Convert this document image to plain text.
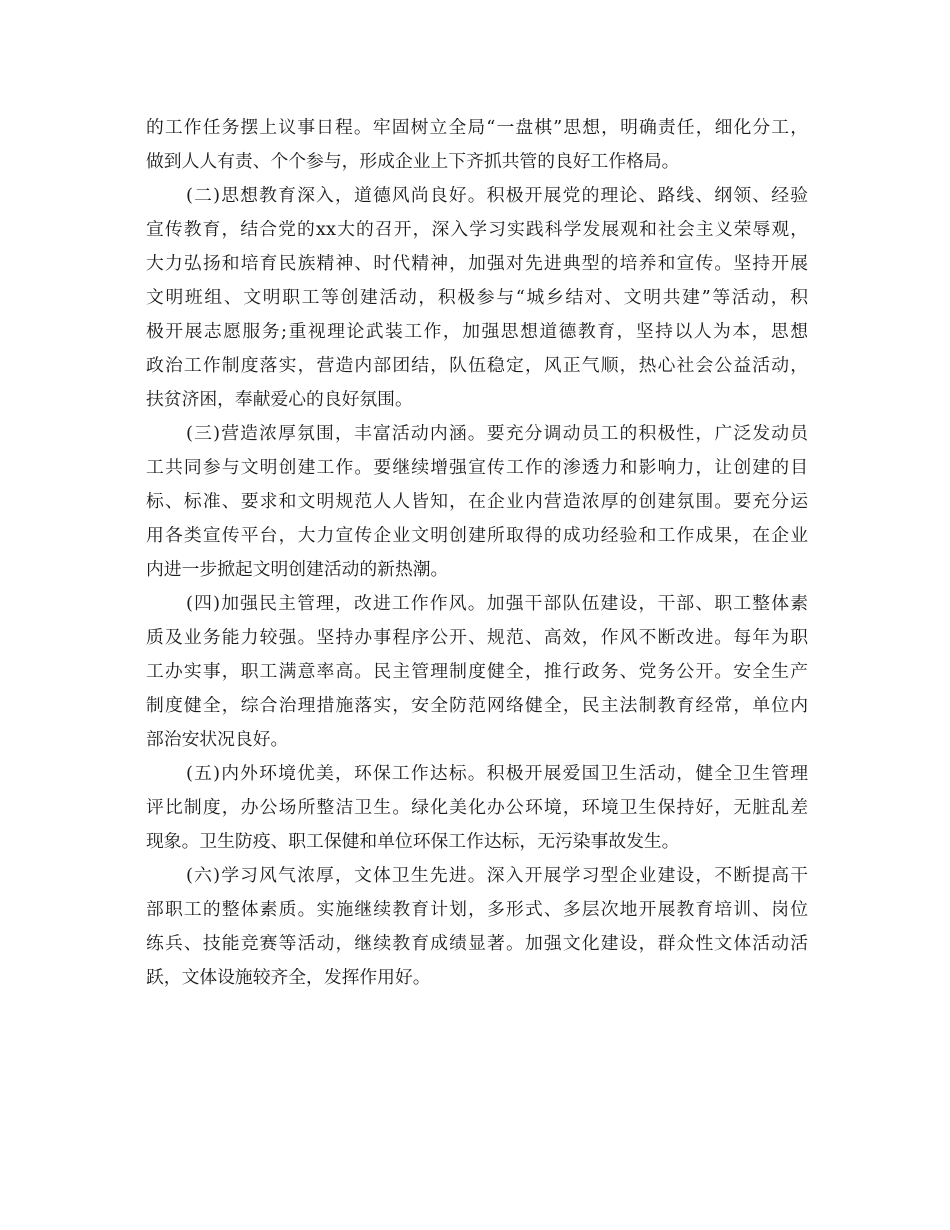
的工作任务摆上议事日程。牢固树立全局“一盘棋”思想，明确责任，细化分工，
做到人人有责、个个参与，形成企业上下齐抓共管的良好工作格局。
(二)思想教育深入，道德风尚良好。积极开展党的理论、路线、纲领、经验
宣传教育，结合党的xx大的召开，深入学习实践科学发展观和社会主义荣辱观，
大力弘扬和培育民族精神、时代精神，加强对先进典型的培养和宣传。坚持开展
文明班组、文明职工等创建活动，积极参与“城乡结对、文明共建”等活动，积
极开展志愿服务;重视理论武装工作，加强思想道德教育，坚持以人为本，思想
政治工作制度落实，营造内部团结，队伍稳定，风正气顺，热心社会公益活动，
扶贫济困，奉献爱心的良好氛围。
(三)营造浓厚氛围，丰富活动内涵。要充分调动员工的积极性，广泛发动员
工共同参与文明创建工作。要继续增强宣传工作的渗透力和影响力，让创建的目
标、标准、要求和文明规范人人皆知，在企业内营造浓厚的创建氛围。要充分运
用各类宣传平台，大力宣传企业文明创建所取得的成功经验和工作成果，在企业
内进一步掀起文明创建活动的新热潮。
(四)加强民主管理，改进工作作风。加强干部队伍建设，干部、职工整体素
质及业务能力较强。坚持办事程序公开、规范、高效，作风不断改进。每年为职
工办实事，职工满意率高。民主管理制度健全，推行政务、党务公开。安全生产
制度健全，综合治理措施落实，安全防范网络健全，民主法制教育经常，单位内
部治安状况良好。
(五)内外环境优美，环保工作达标。积极开展爱国卫生活动，健全卫生管理
评比制度，办公场所整洁卫生。绿化美化办公环境，环境卫生保持好，无脏乱差
现象。卫生防疫、职工保健和单位环保工作达标，无污染事故发生。
(六)学习风气浓厚，文体卫生先进。深入开展学习型企业建设，不断提高干
部职工的整体素质。实施继续教育计划，多形式、多层次地开展教育培训、岗位
练兵、技能竞赛等活动，继续教育成绩显著。加强文化建设，群众性文体活动活
跃，文体设施较齐全，发挥作用好。
